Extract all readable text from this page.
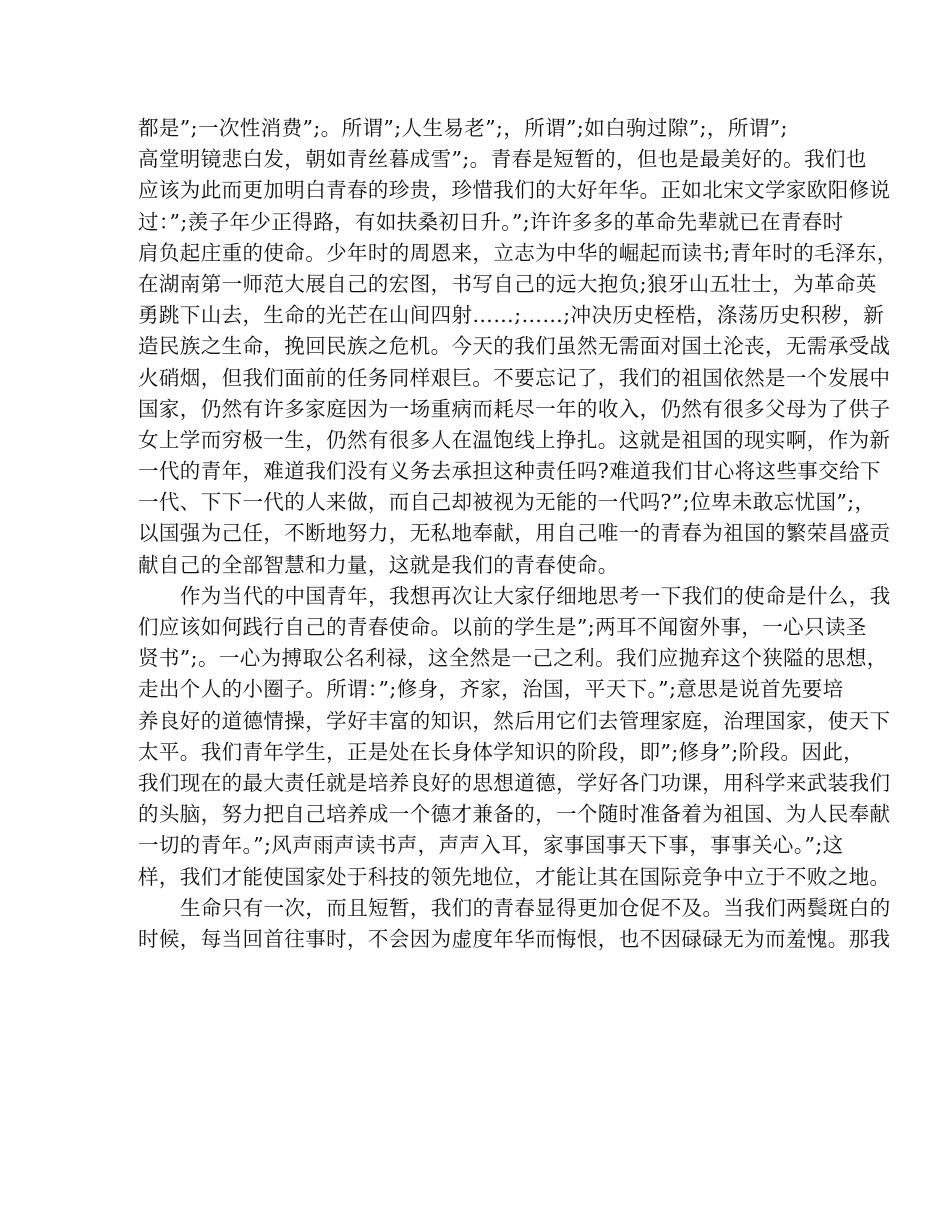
都是”;一次性消费”;。所谓”;人生易老”;，所谓”;如白驹过隙”;，所谓”;
高堂明镜悲白发，朝如青丝暮成雪”;。青春是短暂的，但也是最美好的。我们也
应该为此而更加明白青春的珍贵，珍惜我们的大好年华。正如北宋文学家欧阳修说
过：”;羡子年少正得路，有如扶桑初日升。”;许许多多的革命先辈就已在青春时
肩负起庄重的使命。少年时的周恩来，立志为中华的崛起而读书;青年时的毛泽东，
在湖南第一师范大展自己的宏图，书写自己的远大抱负;狼牙山五壮士，为革命英
勇跳下山去，生命的光芒在山间四射……;……;冲决历史桎梏，涤荡历史积秽，新
造民族之生命，挽回民族之危机。今天的我们虽然无需面对国土沦丧，无需承受战
火硝烟，但我们面前的任务同样艰巨。不要忘记了，我们的祖国依然是一个发展中
国家，仍然有许多家庭因为一场重病而耗尽一年的收入，仍然有很多父母为了供子
女上学而穷极一生，仍然有很多人在温饱线上挣扎。这就是祖国的现实啊，作为新
一代的青年，难道我们没有义务去承担这种责任吗?难道我们甘心将这些事交给下
一代、下下一代的人来做，而自己却被视为无能的一代吗?”;位卑未敢忘忧国”;，
以国强为己任，不断地努力，无私地奉献，用自己唯一的青春为祖国的繁荣昌盛贡
献自己的全部智慧和力量，这就是我们的青春使命。
作为当代的中国青年，我想再次让大家仔细地思考一下我们的使命是什么，我
们应该如何践行自己的青春使命。以前的学生是”;两耳不闻窗外事，一心只读圣
贤书”;。一心为搏取公名利禄，这全然是一己之利。我们应抛弃这个狭隘的思想，
走出个人的小圈子。所谓：”;修身，齐家，治国，平天下。”;意思是说首先要培
养良好的道德情操，学好丰富的知识，然后用它们去管理家庭，治理国家，使天下
太平。我们青年学生，正是处在长身体学知识的阶段，即”;修身”;阶段。因此，
我们现在的最大责任就是培养良好的思想道德，学好各门功课，用科学来武装我们
的头脑，努力把自己培养成一个德才兼备的，一个随时准备着为祖国、为人民奉献
一切的青年。”;风声雨声读书声，声声入耳，家事国事天下事，事事关心。”;这
样，我们才能使国家处于科技的领先地位，才能让其在国际竞争中立于不败之地。
生命只有一次，而且短暂，我们的青春显得更加仓促不及。当我们两鬓斑白的
时候，每当回首往事时，不会因为虚度年华而悔恨，也不因碌碌无为而羞愧。那我
